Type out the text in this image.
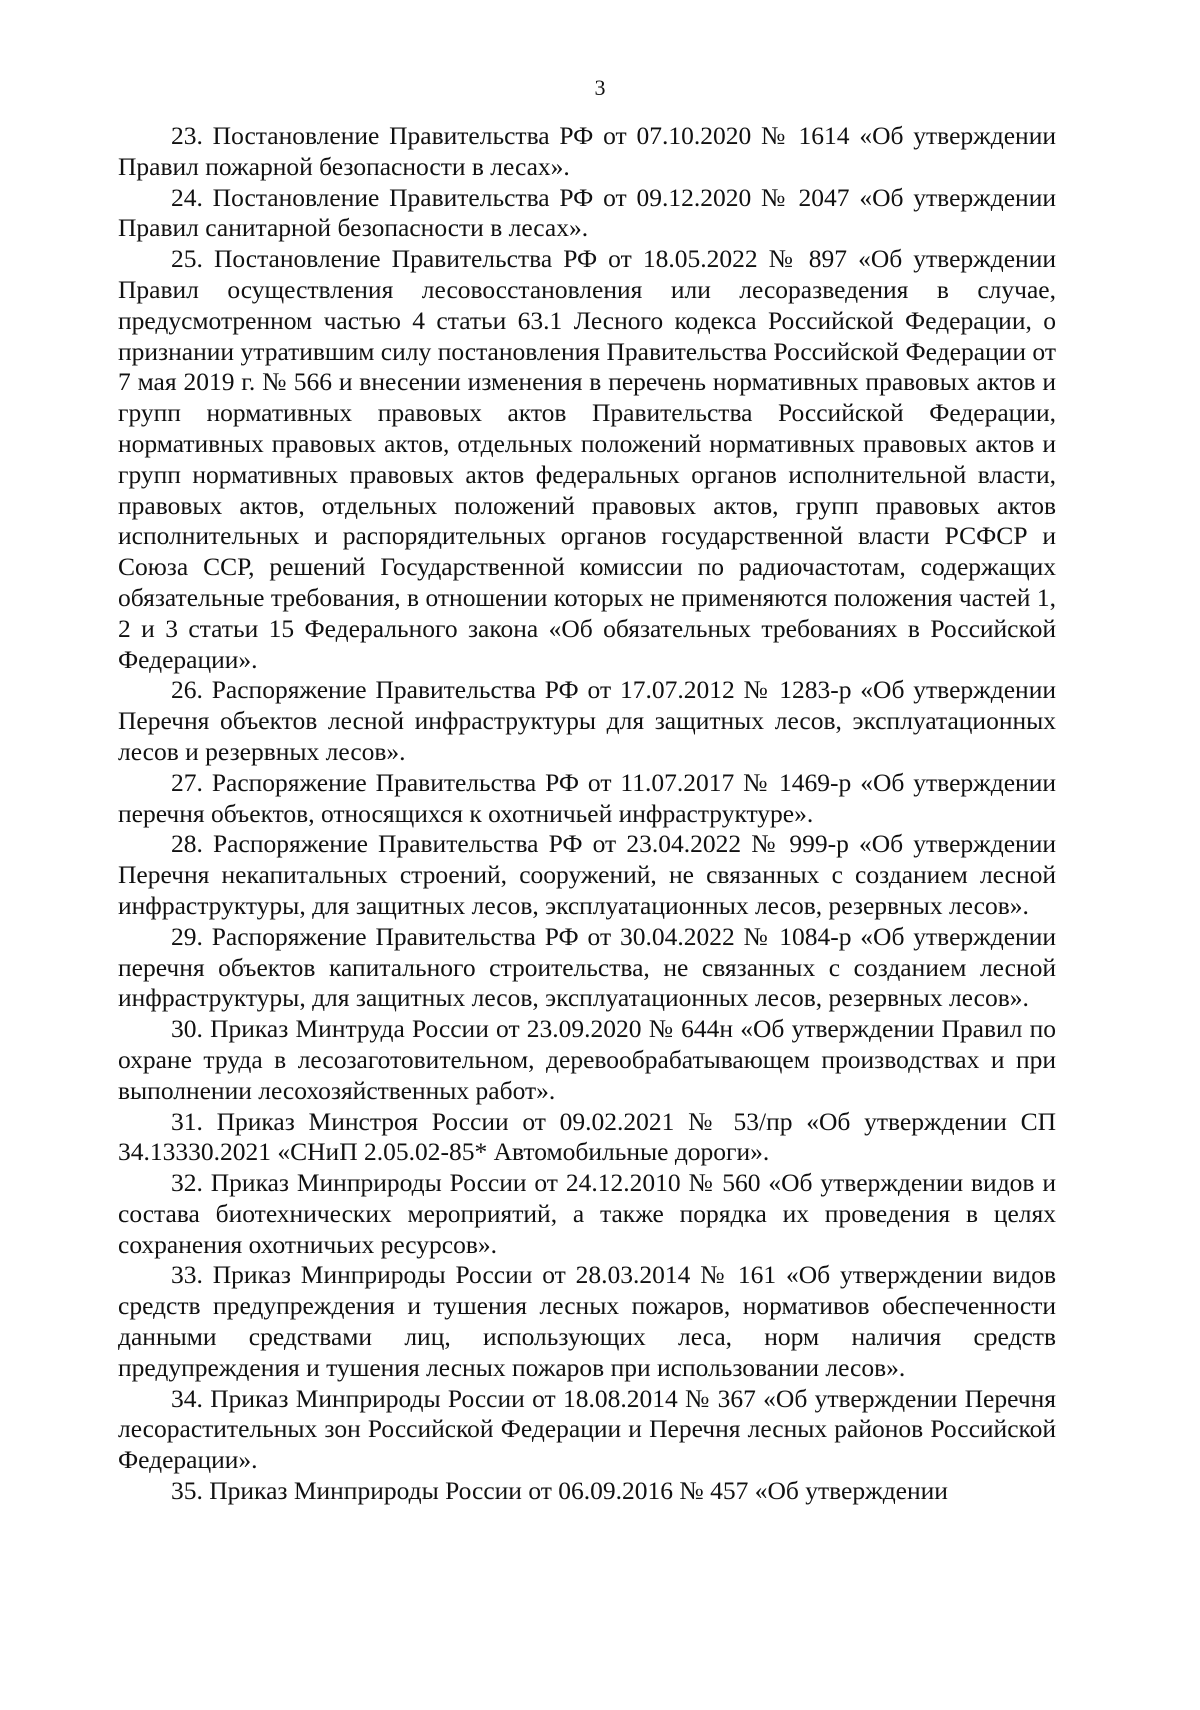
3

23. Постановление Правительства РФ от 07.10.2020 № 1614 «Об утверждении Правил пожарной безопасности в лесах».

24. Постановление Правительства РФ от 09.12.2020 № 2047 «Об утверждении Правил санитарной безопасности в лесах».

25. Постановление Правительства РФ от 18.05.2022 № 897 «Об утверждении Правил осуществления лесовосстановления или лесоразведения в случае, предусмотренном частью 4 статьи 63.1 Лесного кодекса Российской Федерации, о признании утратившим силу постановления Правительства Российской Федерации от 7 мая 2019 г. № 566 и внесении изменения в перечень нормативных правовых актов и групп нормативных правовых актов Правительства Российской Федерации, нормативных правовых актов, отдельных положений нормативных правовых актов и групп нормативных правовых актов федеральных органов исполнительной власти, правовых актов, отдельных положений правовых актов, групп правовых актов исполнительных и распорядительных органов государственной власти РСФСР и Союза ССР, решений Государственной комиссии по радиочастотам, содержащих обязательные требования, в отношении которых не применяются положения частей 1, 2 и 3 статьи 15 Федерального закона «Об обязательных требованиях в Российской Федерации».

26. Распоряжение Правительства РФ от 17.07.2012 № 1283-р «Об утверждении Перечня объектов лесной инфраструктуры для защитных лесов, эксплуатационных лесов и резервных лесов».

27. Распоряжение Правительства РФ от 11.07.2017 № 1469-р «Об утверждении перечня объектов, относящихся к охотничьей инфраструктуре».

28. Распоряжение Правительства РФ от 23.04.2022 № 999-р «Об утверждении Перечня некапитальных строений, сооружений, не связанных с созданием лесной инфраструктуры, для защитных лесов, эксплуатационных лесов, резервных лесов».

29. Распоряжение Правительства РФ от 30.04.2022 № 1084-р «Об утверждении перечня объектов капитального строительства, не связанных с созданием лесной инфраструктуры, для защитных лесов, эксплуатационных лесов, резервных лесов».

30. Приказ Минтруда России от 23.09.2020 № 644н «Об утверждении Правил по охране труда в лесозаготовительном, деревообрабатывающем производствах и при выполнении лесохозяйственных работ».

31. Приказ Минстроя России от 09.02.2021 № 53/пр «Об утверждении СП 34.13330.2021 «СНиП 2.05.02-85* Автомобильные дороги».

32. Приказ Минприроды России от 24.12.2010 № 560 «Об утверждении видов и состава биотехнических мероприятий, а также порядка их проведения в целях сохранения охотничьих ресурсов».

33. Приказ Минприроды России от 28.03.2014 № 161 «Об утверждении видов средств предупреждения и тушения лесных пожаров, нормативов обеспеченности данными средствами лиц, использующих леса, норм наличия средств предупреждения и тушения лесных пожаров при использовании лесов».

34. Приказ Минприроды России от 18.08.2014 № 367 «Об утверждении Перечня лесорастительных зон Российской Федерации и Перечня лесных районов Российской Федерации».

35. Приказ Минприроды России от 06.09.2016 № 457 «Об утверждении
